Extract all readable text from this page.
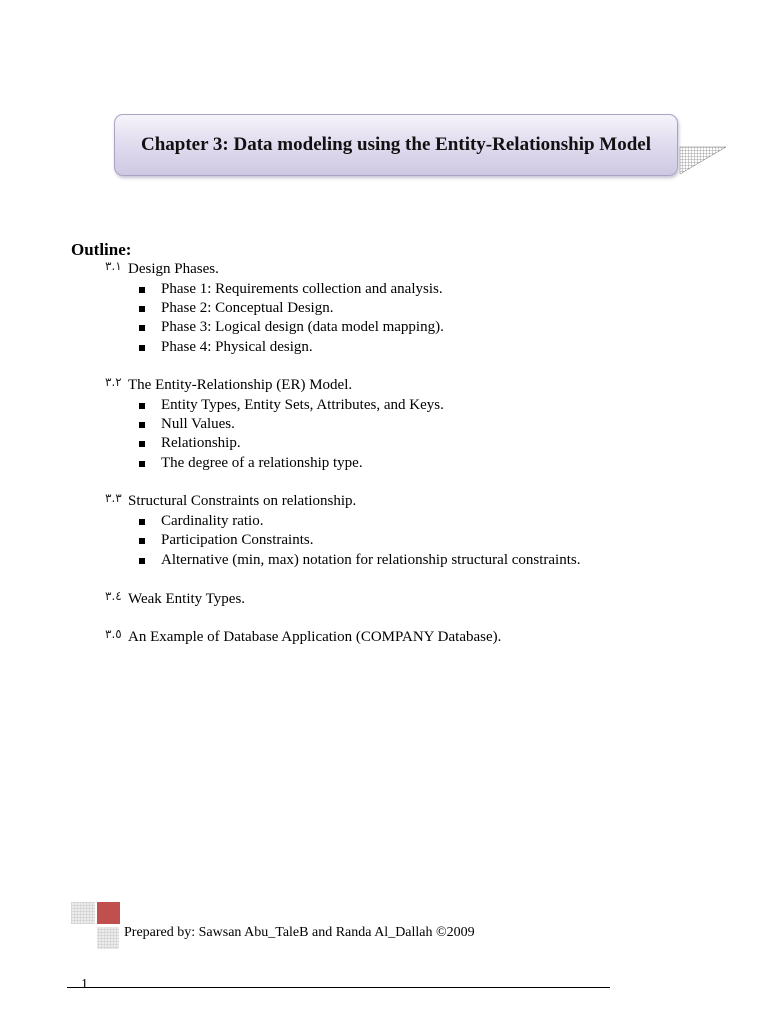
Chapter 3: Data modeling using the Entity-Relationship Model
Outline:
٣.١ Design Phases.
Phase 1: Requirements collection and analysis.
Phase 2: Conceptual Design.
Phase 3: Logical design (data model mapping).
Phase 4: Physical design.
٣.٢ The Entity-Relationship (ER) Model.
Entity Types, Entity Sets, Attributes, and Keys.
Null Values.
Relationship.
The degree of a relationship type.
٣.٣ Structural Constraints on relationship.
Cardinality ratio.
Participation Constraints.
Alternative (min, max) notation for relationship structural constraints.
٣.٤ Weak Entity Types.
٣.٥ An Example of Database Application (COMPANY Database).
Prepared by: Sawsan Abu_TaleB and Randa Al_Dallah ©2009
1
